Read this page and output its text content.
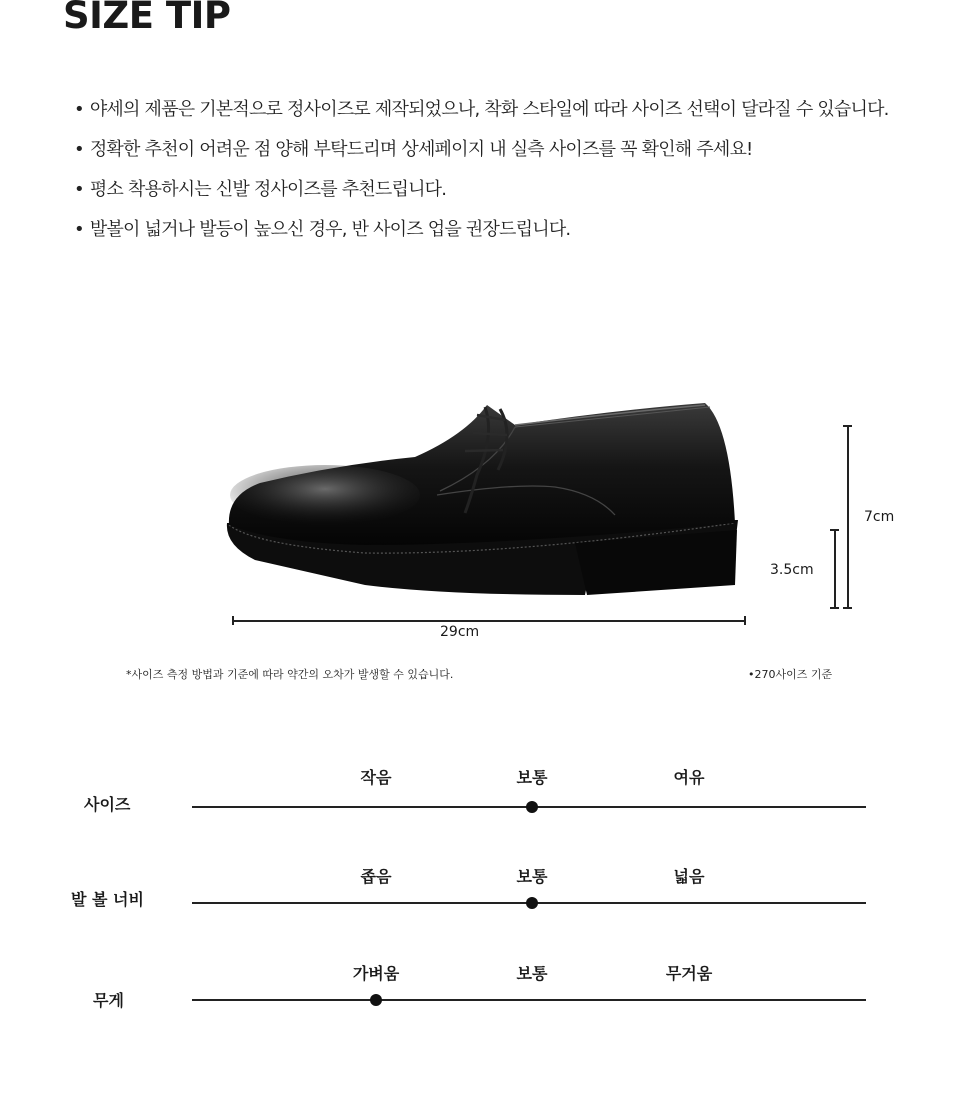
SIZE TIP
• 야세의 제품은 기본적으로 정사이즈로 제작되었으나, 착화 스타일에 따라 사이즈 선택이 달라질 수 있습니다.
• 정확한 추천이 어려운 점 양해 부탁드리며 상세페이지 내 실측 사이즈를 꼭 확인해 주세요!
• 평소 착용하시는 신발 정사이즈를 추천드립니다.
• 발볼이 넓거나 발등이 높으신 경우, 반 사이즈 업을 권장드립니다.
29cm
7cm
3.5cm
*사이즈 측정 방법과 기준에 따라 약간의 오차가 발생할 수 있습니다.	•270사이즈 기준
사이즈
작음	보통	여유
발 볼 너비
좁음	보통	넓음
무게
가벼움	보통	무거움
